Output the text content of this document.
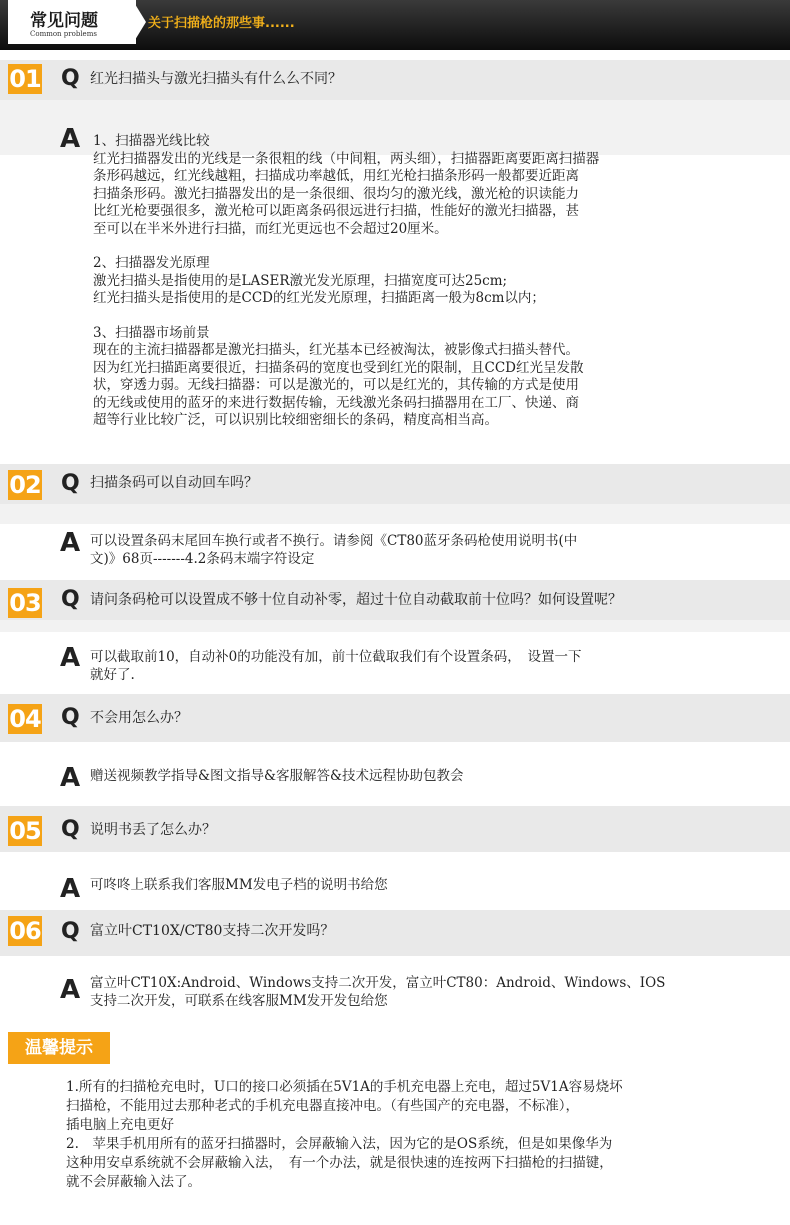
常见问题
Common problems
关于扫描枪的那些事......
01 Q 红光扫描头与激光扫描头有什么么不同？
A 1、扫描器光线比较
红光扫描器发出的光线是一条很粗的线（中间粗，两头细），扫描器距离要距离扫描器
条形码越远，红光线越粗，扫描成功率越低，用红光枪扫描条形码一般都要近距离
扫描条形码。激光扫描器发出的是一条很细、很均匀的激光线，激光枪的识读能力
比红光枪要强很多，激光枪可以距离条码很远进行扫描，性能好的激光扫描器，甚
至可以在半米外进行扫描，而红光更远也不会超过20厘米。
2、扫描器发光原理
激光扫描头是指使用的是LASER激光发光原理，扫描宽度可达25cm;
红光扫描头是指使用的是CCD的红光发光原理，扫描距离一般为8cm以内；
3、扫描器市场前景
现在的主流扫描器都是激光扫描头，红光基本已经被淘汰，被影像式扫描头替代。
因为红光扫描距离要很近，扫描条码的宽度也受到红光的限制，且CCD红光呈发散
状，穿透力弱。无线扫描器：可以是激光的，可以是红光的，其传输的方式是使用
的无线或使用的蓝牙的来进行数据传输，无线激光条码扫描器用在工厂、快递、商
超等行业比较广泛，可以识别比较细密细长的条码，精度高相当高。
02 Q 扫描条码可以自动回车吗？
A 可以设置条码末尾回车换行或者不换行。请参阅《CT80蓝牙条码枪使用说明书(中
文)》68页-------4.2条码末端字符设定
03 Q 请问条码枪可以设置成不够十位自动补零，超过十位自动截取前十位吗？如何设置呢？
A 可以截取前10，自动补0的功能没有加，前十位截取我们有个设置条码，　设置一下
就好了.
04 Q 不会用怎么办？
A 赠送视频教学指导&图文指导&客服解答&技术远程协助包教会
05 Q 说明书丢了怎么办？
A 可咚咚上联系我们客服MM发电子档的说明书给您
06 Q 富立叶CT10X/CT80支持二次开发吗？
A 富立叶CT10X:Android、Windows支持二次开发，富立叶CT80：Android、Windows、IOS
支持二次开发，可联系在线客服MM发开发包给您
温馨提示
1.所有的扫描枪充电时，U口的接口必须插在5V1A的手机充电器上充电，超过5V1A容易烧坏
扫描枪，不能用过去那种老式的手机充电器直接冲电。（有些国产的充电器，不标准），
插电脑上充电更好
2.　苹果手机用所有的蓝牙扫描器时，会屏蔽输入法，因为它的是OS系统，但是如果像华为
这种用安卓系统就不会屏蔽输入法，　有一个办法，就是很快速的连按两下扫描枪的扫描键，
就不会屏蔽输入法了。
